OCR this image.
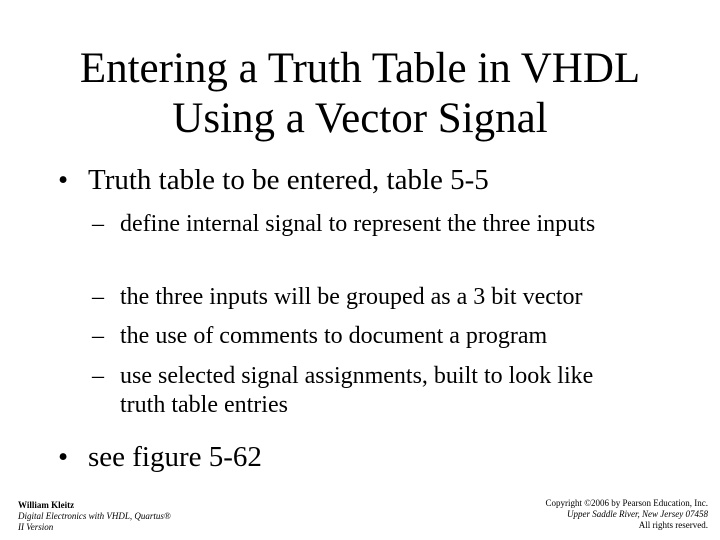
Entering a Truth Table in VHDL
Using a Vector Signal
• Truth table to be entered, table 5-5
– define internal signal to represent the three inputs
– the three inputs will be grouped as a 3 bit vector
– the use of comments to document a program
– use selected signal assignments, built to look like truth table entries
• see figure 5-62
William Kleitz
Digital Electronics with VHDL, Quartus®
II Version
Copyright ©2006 by Pearson Education, Inc.
Upper Saddle River, New Jersey 07458
All rights reserved.
